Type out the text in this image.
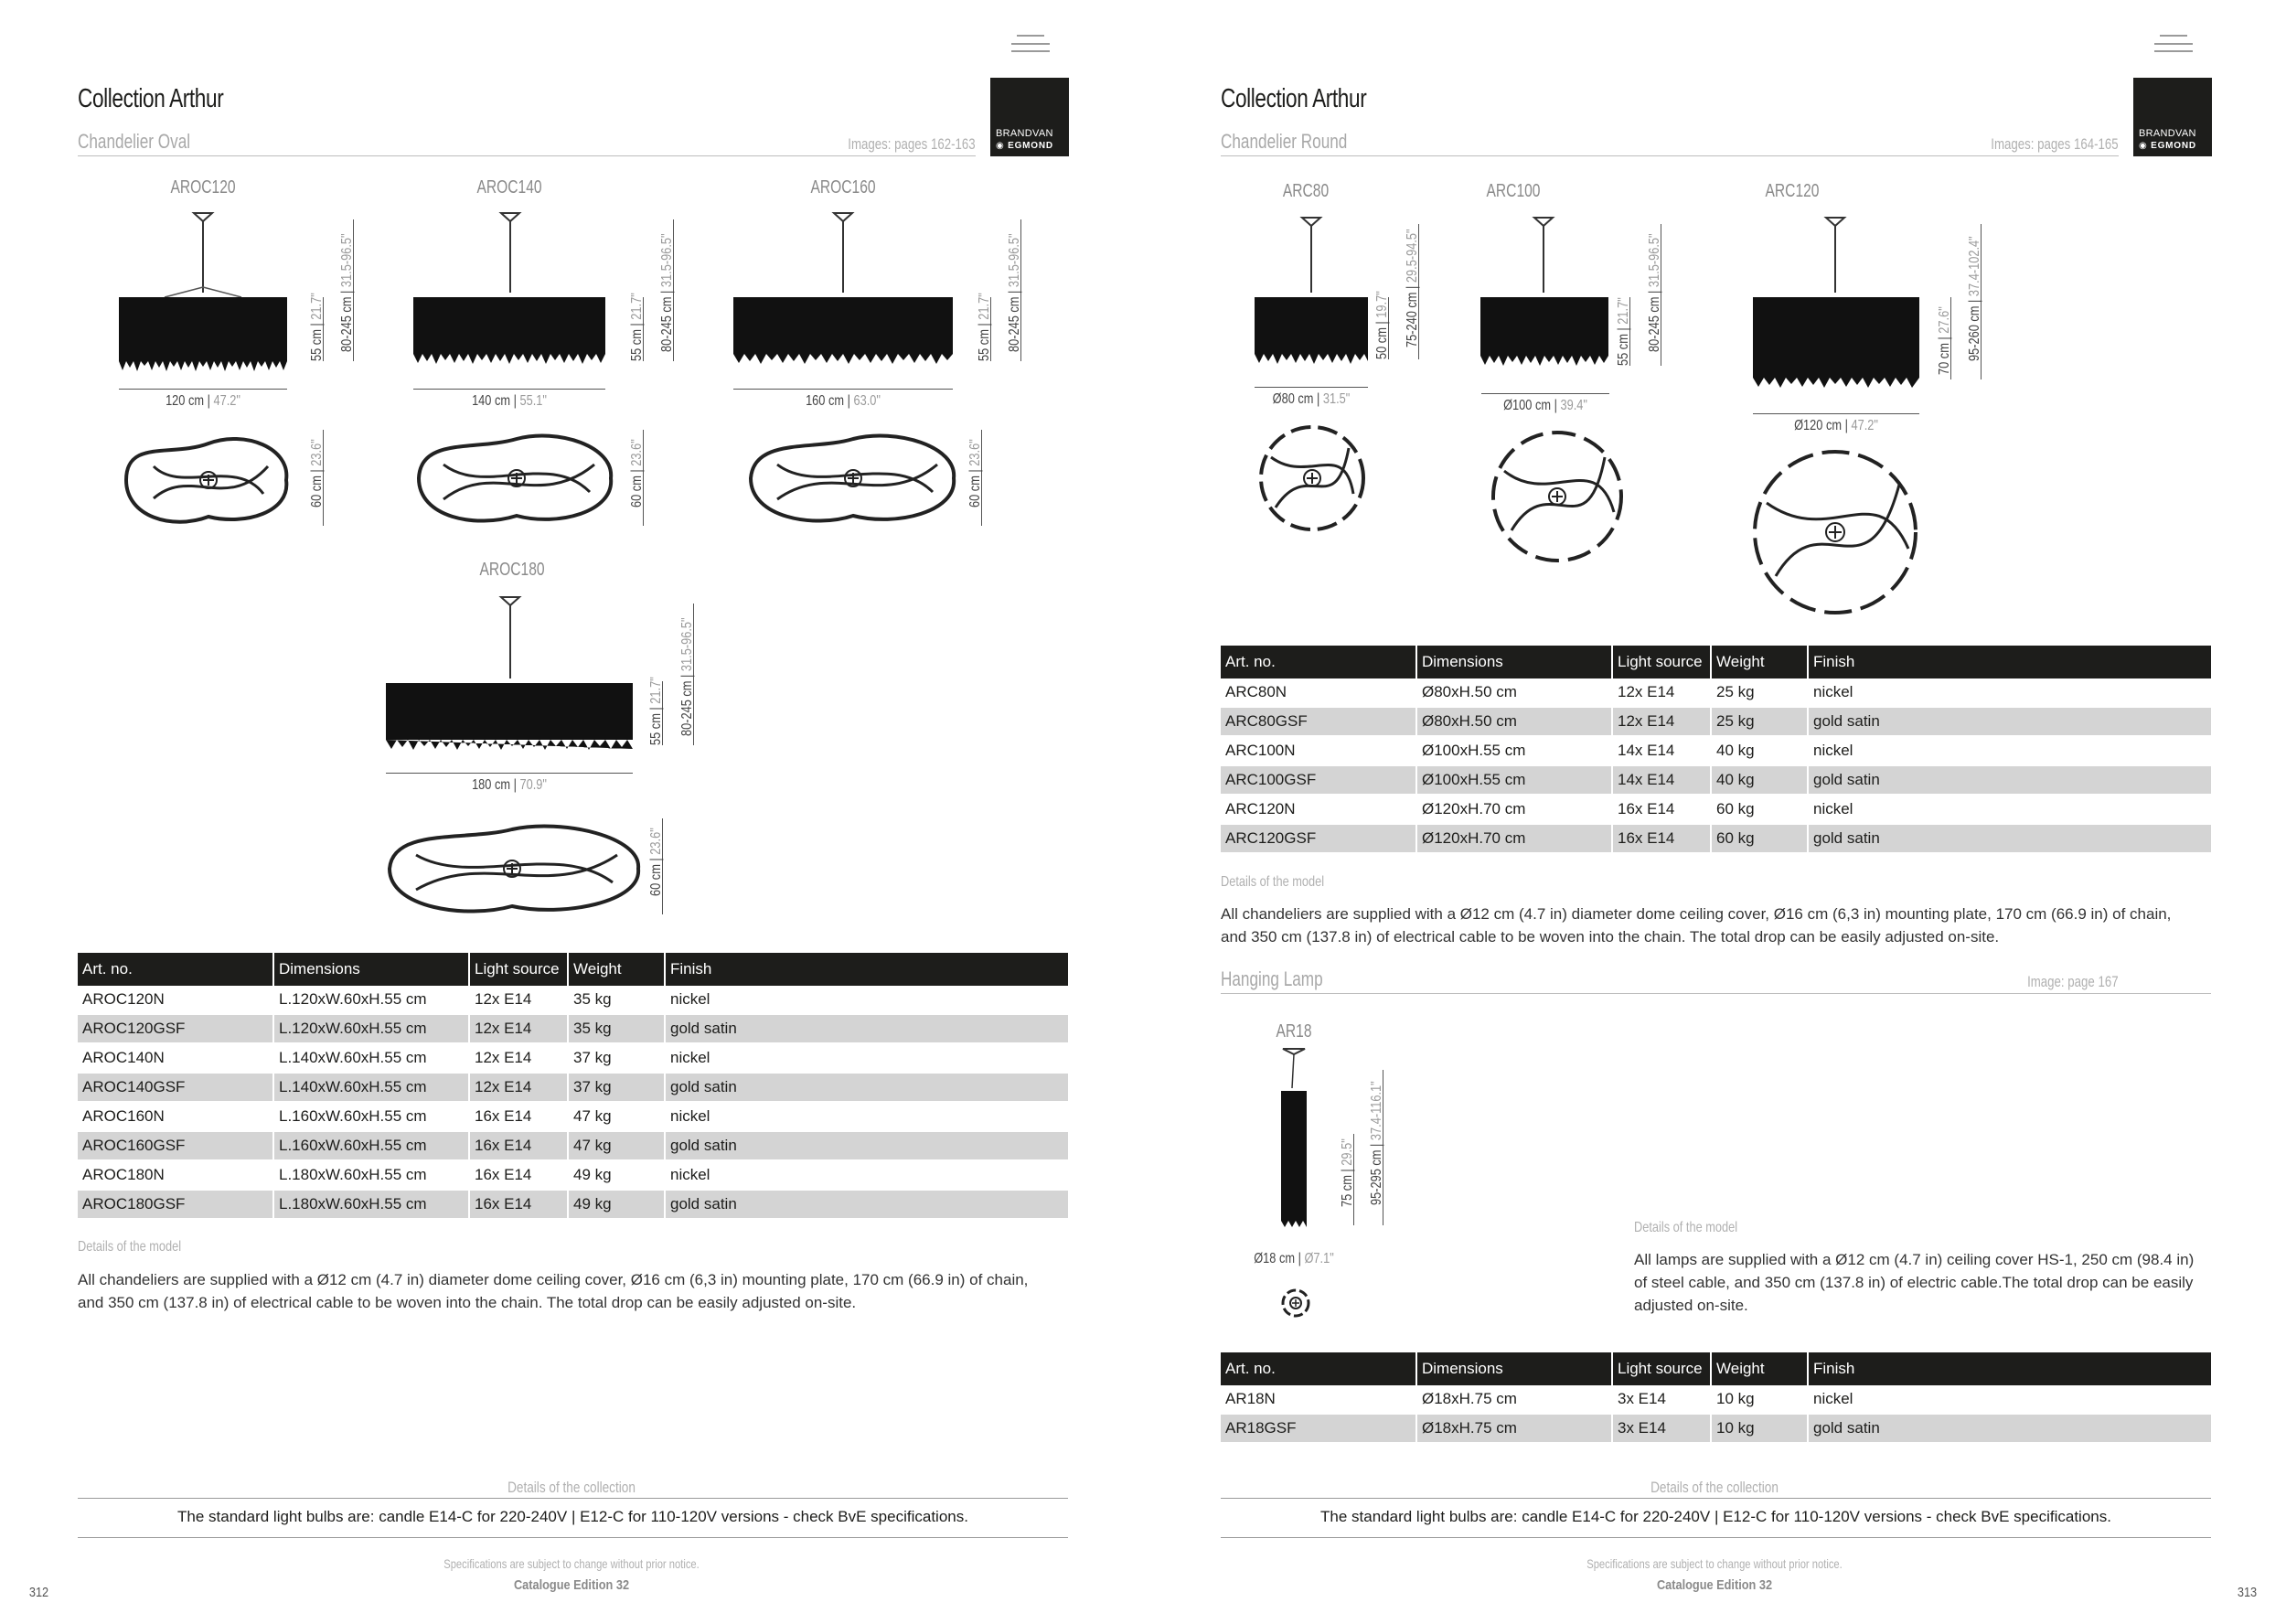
BRANDVAN
◉ EGMOND
Collection Arthur
Chandelier Oval	Images: pages 162-163
AROC120	AROC140	AROC160
AROC180
120 cm | 47.2"	140 cm | 55.1"	160 cm | 63.0"
180 cm | 70.9"
55 cm | 21.7" 80-245 cm | 31.5-96.5"
60 cm | 23.6"
55 cm | 21.7" 80-245 cm | 31.5-96.5"
60 cm | 23.6"
55 cm | 21.7" 80-245 cm | 31.5-96.5"
60 cm | 23.6"
55 cm | 21.7" 80-245 cm | 31.5-96.5"
60 cm | 23.6"
Art. no.	Dimensions	Light source	Weight	Finish
AROC120N	L.120xW.60xH.55 cm	12x E14	35 kg	nickel
AROC120GSF	L.120xW.60xH.55 cm	12x E14	35 kg	gold satin
AROC140N	L.140xW.60xH.55 cm	12x E14	37 kg	nickel
AROC140GSF	L.140xW.60xH.55 cm	12x E14	37 kg	gold satin
AROC160N	L.160xW.60xH.55 cm	16x E14	47 kg	nickel
AROC160GSF	L.160xW.60xH.55 cm	16x E14	47 kg	gold satin
AROC180N	L.180xW.60xH.55 cm	16x E14	49 kg	nickel
AROC180GSF	L.180xW.60xH.55 cm	16x E14	49 kg	gold satin
Details of the model
All chandeliers are supplied with a Ø12 cm (4.7 in) diameter dome ceiling cover, Ø16 cm (6,3 in) mounting plate, 170 cm (66.9 in) of chain,
and 350 cm (137.8 in) of electrical cable to be woven into the chain. The total drop can be easily adjusted on-site.
Details of the collection
The standard light bulbs are: candle E14-C for 220-240V | E12-C for 110-120V versions - check BvE specifications.
Specifications are subject to change without prior notice.
Catalogue Edition 32
312
BRANDVAN
◉ EGMOND
Collection Arthur
Chandelier Round	Images: pages 164-165
ARC80	ARC100	ARC120
Ø80 cm | 31.5"	Ø100 cm | 39.4"
Ø120 cm | 47.2"
50 cm | 19.7" 75-240 cm | 29.5-94.5"
55 cm | 21.7" 80-245 cm | 31.5-96.5"
70 cm | 27.6" 95-260 cm | 37.4-102.4"
Art. no.	Dimensions	Light source	Weight	Finish
ARC80N	Ø80xH.50 cm	12x E14	25 kg	nickel
ARC80GSF	Ø80xH.50 cm	12x E14	25 kg	gold satin
ARC100N	Ø100xH.55 cm	14x E14	40 kg	nickel
ARC100GSF	Ø100xH.55 cm	14x E14	40 kg	gold satin
ARC120N	Ø120xH.70 cm	16x E14	60 kg	nickel
ARC120GSF	Ø120xH.70 cm	16x E14	60 kg	gold satin
Details of the model
All chandeliers are supplied with a Ø12 cm (4.7 in) diameter dome ceiling cover, Ø16 cm (6,3 in) mounting plate, 170 cm (66.9 in) of chain,
and 350 cm (137.8 in) of electrical cable to be woven into the chain. The total drop can be easily adjusted on-site.
Hanging Lamp	Image: page 167
AR18
75 cm | 29.5" 95-295 cm | 37.4-116.1"
Ø18 cm | Ø7.1"
Details of the model
All lamps are supplied with a Ø12 cm (4.7 in) ceiling cover HS-1, 250 cm (98.4 in)
of steel cable, and 350 cm (137.8 in) of electric cable.The total drop can be easily
adjusted on-site.
Art. no.	Dimensions	Light source	Weight	Finish
AR18N	Ø18xH.75 cm	3x E14	10 kg	nickel
AR18GSF	Ø18xH.75 cm	3x E14	10 kg	gold satin
Details of the collection
The standard light bulbs are: candle E14-C for 220-240V | E12-C for 110-120V versions - check BvE specifications.
Specifications are subject to change without prior notice.
Catalogue Edition 32	313
